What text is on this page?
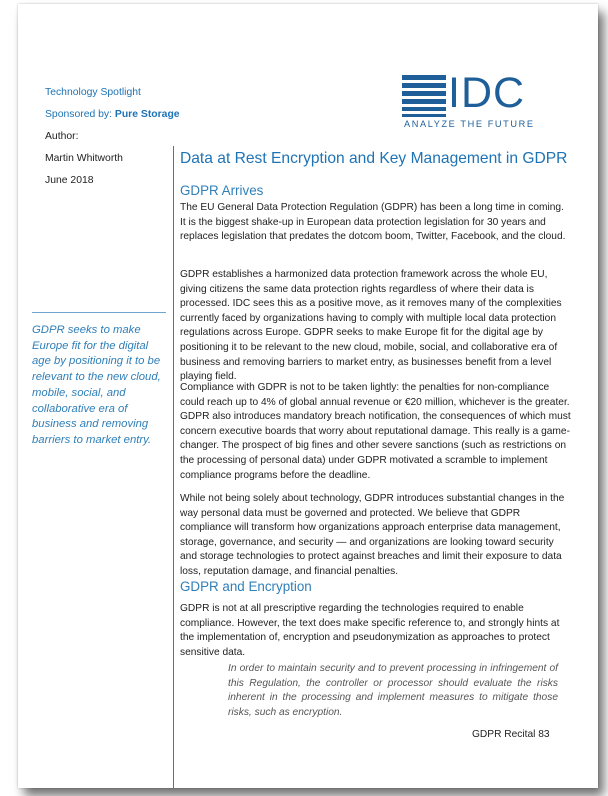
Technology Spotlight
Sponsored by: Pure Storage
Author:
Martin Whitworth
June 2018

GDPR seeks to make Europe fit for the digital age by positioning it to be relevant to the new cloud, mobile, social, and collaborative era of business and removing barriers to market entry.

IDC
ANALYZE THE FUTURE
Data at Rest Encryption and Key Management in GDPR
GDPR Arrives

The EU General Data Protection Regulation (GDPR) has been a long time in coming. It is the biggest shake-up in European data protection legislation for 30 years and replaces legislation that predates the dotcom boom, Twitter, Facebook, and the cloud.

GDPR establishes a harmonized data protection framework across the whole EU, giving citizens the same data protection rights regardless of where their data is processed. IDC sees this as a positive move, as it removes many of the complexities currently faced by organizations having to comply with multiple local data protection regulations across Europe. GDPR seeks to make Europe fit for the digital age by positioning it to be relevant to the new cloud, mobile, social, and collaborative era of business and removing barriers to market entry, as businesses benefit from a level playing field.

Compliance with GDPR is not to be taken lightly: the penalties for non-compliance could reach up to 4% of global annual revenue or €20 million, whichever is the greater. GDPR also introduces mandatory breach notification, the consequences of which must concern executive boards that worry about reputational damage. This really is a game-changer. The prospect of big fines and other severe sanctions (such as restrictions on the processing of personal data) under GDPR motivated a scramble to implement compliance programs before the deadline.

While not being solely about technology, GDPR introduces substantial changes in the way personal data must be governed and protected. We believe that GDPR compliance will transform how organizations approach enterprise data management, storage, governance, and security — and organizations are looking toward security and storage technologies to protect against breaches and limit their exposure to data loss, reputation damage, and financial penalties.

GDPR and Encryption

GDPR is not at all prescriptive regarding the technologies required to enable compliance. However, the text does make specific reference to, and strongly hints at the implementation of, encryption and pseudonymization as approaches to protect sensitive data.

In order to maintain security and to prevent processing in infringement of this Regulation, the controller or processor should evaluate the risks inherent in the processing and implement measures to mitigate those risks, such as encryption.

GDPR Recital 83
